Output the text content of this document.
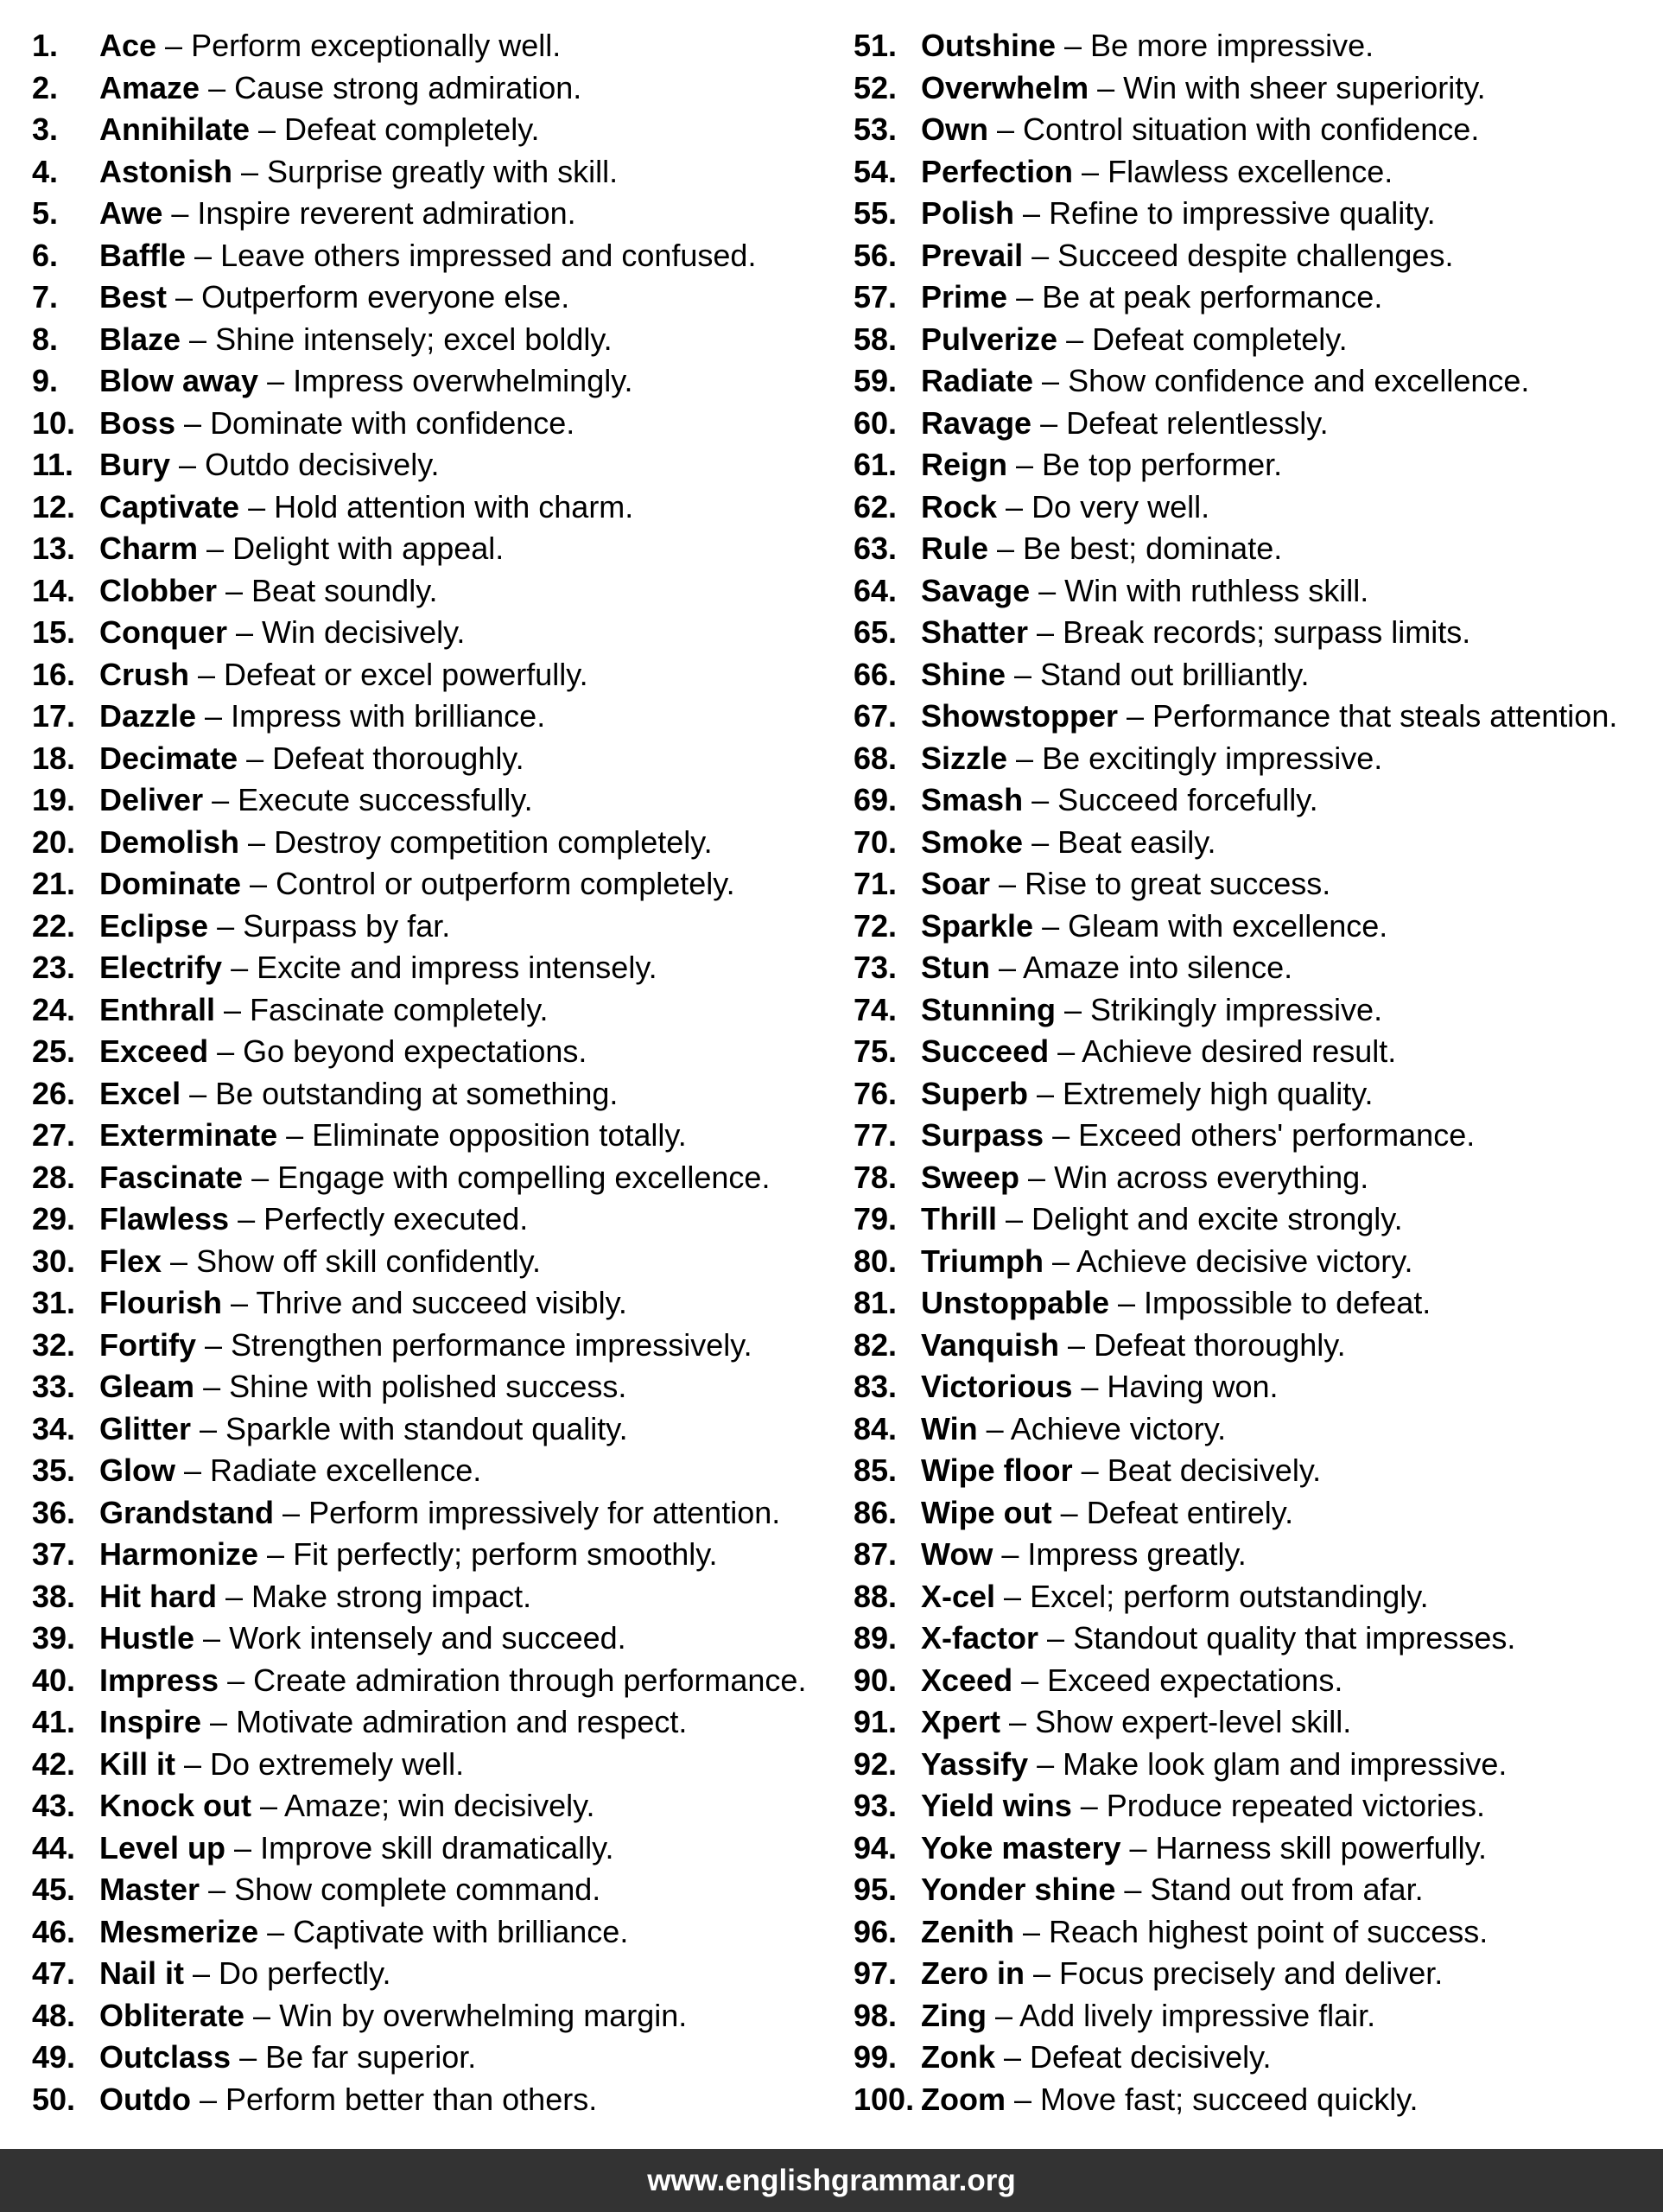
1. Ace – Perform exceptionally well.
2. Amaze – Cause strong admiration.
3. Annihilate – Defeat completely.
4. Astonish – Surprise greatly with skill.
5. Awe – Inspire reverent admiration.
6. Baffle – Leave others impressed and confused.
7. Best – Outperform everyone else.
8. Blaze – Shine intensely; excel boldly.
9. Blow away – Impress overwhelmingly.
10. Boss – Dominate with confidence.
11. Bury – Outdo decisively.
12. Captivate – Hold attention with charm.
13. Charm – Delight with appeal.
14. Clobber – Beat soundly.
15. Conquer – Win decisively.
16. Crush – Defeat or excel powerfully.
17. Dazzle – Impress with brilliance.
18. Decimate – Defeat thoroughly.
19. Deliver – Execute successfully.
20. Demolish – Destroy competition completely.
21. Dominate – Control or outperform completely.
22. Eclipse – Surpass by far.
23. Electrify – Excite and impress intensely.
24. Enthrall – Fascinate completely.
25. Exceed – Go beyond expectations.
26. Excel – Be outstanding at something.
27. Exterminate – Eliminate opposition totally.
28. Fascinate – Engage with compelling excellence.
29. Flawless – Perfectly executed.
30. Flex – Show off skill confidently.
31. Flourish – Thrive and succeed visibly.
32. Fortify – Strengthen performance impressively.
33. Gleam – Shine with polished success.
34. Glitter – Sparkle with standout quality.
35. Glow – Radiate excellence.
36. Grandstand – Perform impressively for attention.
37. Harmonize – Fit perfectly; perform smoothly.
38. Hit hard – Make strong impact.
39. Hustle – Work intensely and succeed.
40. Impress – Create admiration through performance.
41. Inspire – Motivate admiration and respect.
42. Kill it – Do extremely well.
43. Knock out – Amaze; win decisively.
44. Level up – Improve skill dramatically.
45. Master – Show complete command.
46. Mesmerize – Captivate with brilliance.
47. Nail it – Do perfectly.
48. Obliterate – Win by overwhelming margin.
49. Outclass – Be far superior.
50. Outdo – Perform better than others.
51. Outshine – Be more impressive.
52. Overwhelm – Win with sheer superiority.
53. Own – Control situation with confidence.
54. Perfection – Flawless excellence.
55. Polish – Refine to impressive quality.
56. Prevail – Succeed despite challenges.
57. Prime – Be at peak performance.
58. Pulverize – Defeat completely.
59. Radiate – Show confidence and excellence.
60. Ravage – Defeat relentlessly.
61. Reign – Be top performer.
62. Rock – Do very well.
63. Rule – Be best; dominate.
64. Savage – Win with ruthless skill.
65. Shatter – Break records; surpass limits.
66. Shine – Stand out brilliantly.
67. Showstopper – Performance that steals attention.
68. Sizzle – Be excitingly impressive.
69. Smash – Succeed forcefully.
70. Smoke – Beat easily.
71. Soar – Rise to great success.
72. Sparkle – Gleam with excellence.
73. Stun – Amaze into silence.
74. Stunning – Strikingly impressive.
75. Succeed – Achieve desired result.
76. Superb – Extremely high quality.
77. Surpass – Exceed others' performance.
78. Sweep – Win across everything.
79. Thrill – Delight and excite strongly.
80. Triumph – Achieve decisive victory.
81. Unstoppable – Impossible to defeat.
82. Vanquish – Defeat thoroughly.
83. Victorious – Having won.
84. Win – Achieve victory.
85. Wipe floor – Beat decisively.
86. Wipe out – Defeat entirely.
87. Wow – Impress greatly.
88. X-cel – Excel; perform outstandingly.
89. X-factor – Standout quality that impresses.
90. Xceed – Exceed expectations.
91. Xpert – Show expert-level skill.
92. Yassify – Make look glam and impressive.
93. Yield wins – Produce repeated victories.
94. Yoke mastery – Harness skill powerfully.
95. Yonder shine – Stand out from afar.
96. Zenith – Reach highest point of success.
97. Zero in – Focus precisely and deliver.
98. Zing – Add lively impressive flair.
99. Zonk – Defeat decisively.
100. Zoom – Move fast; succeed quickly.
www.englishgrammar.org
